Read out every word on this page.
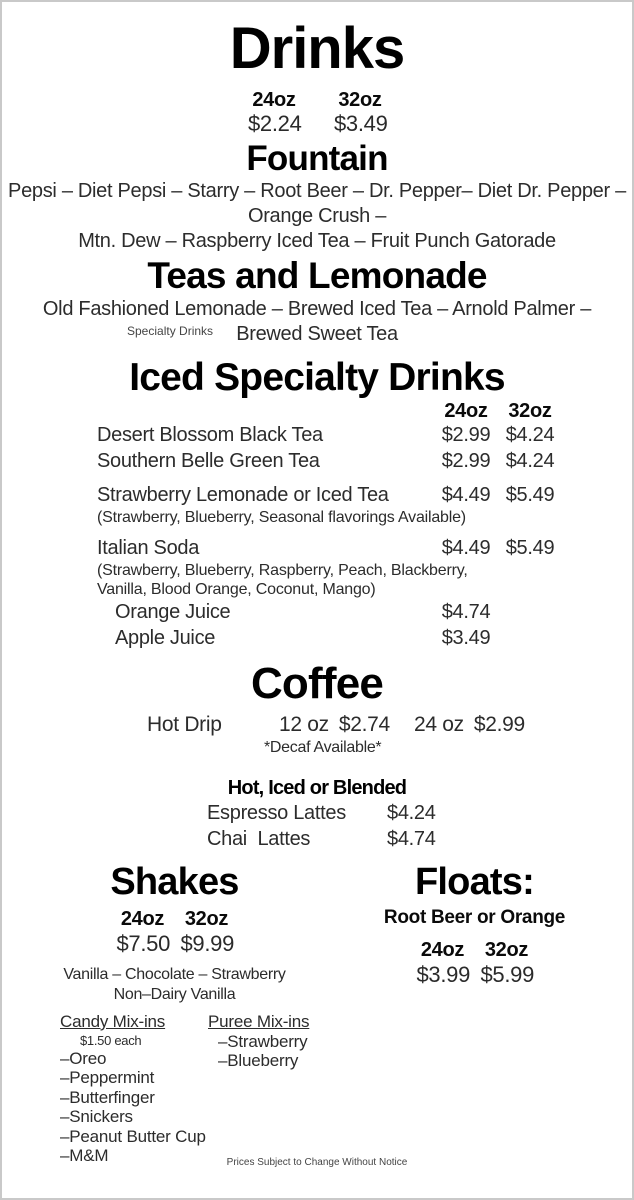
Drinks
24oz 32oz
$2.24 $3.49
Fountain
Pepsi – Diet Pepsi – Starry – Root Beer – Dr. Pepper– Diet Dr. Pepper –
Orange Crush –
Mtn. Dew – Raspberry Iced Tea – Fruit Punch Gatorade
Teas and Lemonade
Old Fashioned Lemonade – Brewed Iced Tea – Arnold Palmer –
Specialty Drinks	Brewed Sweet Tea
Iced Specialty Drinks
24oz	32oz
Desert Blossom Black Tea	$2.99 $4.24
Southern Belle Green Tea	$2.99 $4.24
Strawberry Lemonade or Iced Tea	$4.49 $5.49
(Strawberry, Blueberry, Seasonal flavorings Available)
Italian Soda	$4.49 $5.49
(Strawberry, Blueberry, Raspberry, Peach, Blackberry,
Vanilla, Blood Orange, Coconut, Mango)
Orange Juice	$4.74
Apple Juice	$3.49
Coffee
Hot Drip	12 oz $2.74 24 oz $2.99
*Decaf Available*
Hot, Iced or Blended
Espresso Lattes	$4.24
Chai  Lattes	$4.74
Shakes
24oz 32oz
$7.50 $9.99
Vanilla – Chocolate – Strawberry
Non–Dairy Vanilla
Floats:
Root Beer or Orange
24oz 32oz
$3.99 $5.99
Candy Mix-ins
$1.50 each
–Oreo
–Peppermint
–Butterfinger
–Snickers
–Peanut Butter Cup
–M&M
Puree Mix-ins
–Strawberry
–Blueberry
Prices Subject to Change Without Notice
